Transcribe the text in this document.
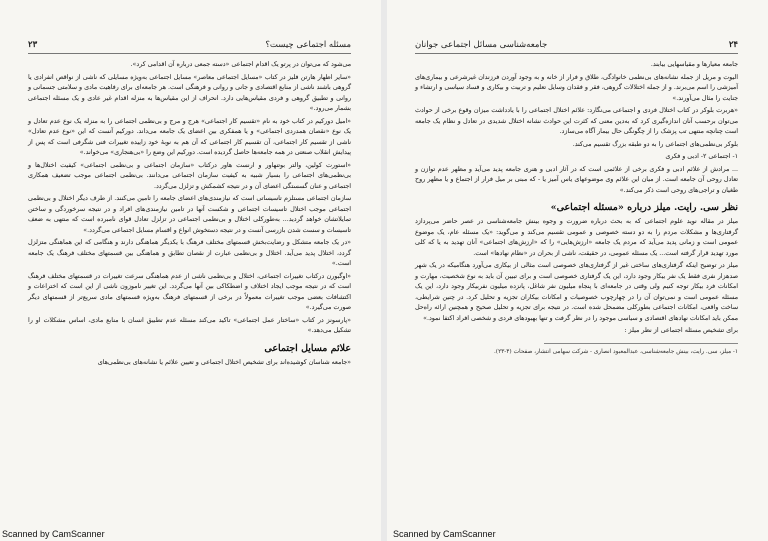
مسئله اجتماعی چیست؟
۲۳

می‌شود که می‌توان در پرتو یک اقدام اجتماعی «دسته جمعی درباره آن اقدامی کرد».

«سایر اظهار هارتن فلیز در کتاب «مسایل اجتماعی معاصر» مسایل اجتماعی به‌ویژه مسایلی که ناشی از نواقص انفرادی یا گروهی باشند ناشی از منابع اقتصادی و جانی و روانی و فرهنگی است. هر جامعه‌ای برای رفاهیت مادی و سلامتی جسمانی و روانی و تطبیق گروهی و فردی مقیاس‌هایی دارد. انحراف از این مقیاس‌ها به منزله اقدام غیر عادی و یک مسئله اجتماعی بشمار می‌رود.»

«امیل دورکیم در کتاب خود به نام «تقسیم کار اجتماعی» هرج و مرج و بی‌نظمی اجتماعی را به منزله یک نوع عدم تعادل و یک نوع «نقصان همدردی اجتماعی» و یا همفکری بین اعضای یک جامعه می‌داند. دورکیم آنست که این «نوع عدم تعادل» ناشی از تقسیم کار اجتماعی، آن تقسیم کار اجتماعی که آن هم به نوبهٔ خود زاییده تغییرات فنی شگرفی است که پس از پیدایش انقلاب صنعتی در همه جامعه‌ها حاصل گردیده است. دورکیم این وضع را «بی‌هنجاری» می‌خواند.»

«استورت کولین، والتر بوتنهاور و ارنست هاور درکتاب «سازمان اجتماعی و بی‌نظمی اجتماعی» کیفیت اختلال‌ها و بی‌نظمی‌های اجتماعی را بسیار شبیه به کیفیت سازمان اجتماعی می‌دانند. بی‌نظمی اجتماعی موجب تضعیف همکاری اجتماعی و عنان گسستگی اعضای آن و در نتیجه کشمکش و تزلزل می‌گردد.

سازمان اجتماعی مستلزم تاسیساتی است که نیازمندی‌های اعضای جامعه را تامین می‌کنند. از طرف دیگر اختلال و بی‌نظمی اجتماعی موجب اختلال تاسیسات اجتماعی و شکست آنها در تامین نیازمندی‌های افراد و در نتیجه سرخوردگی و ساختن تمایلاتشان خواهد گردید... به‌طورکلی اختلال و بی‌نظمی اجتماعی در تزلزل تعادل قوای نامبرده است که منتهی به ضعف تاسیسات و سست شدن بازرسی آنست و در نتیجه دستخوش انواع و اقسام مسایل اجتماعی می‌گردد.»

«در یک جامعه متشکل و رضایت‌بخش قسمتهای مختلف فرهنگ با یکدیگر هماهنگی دارند و هنگامی که این هماهنگی متزلزل گردد، اختلال پدید می‌آید. اختلال و بی‌نظمی عبارت از نقصان تطابق و هماهنگی بین قسمتهای مختلف فرهنگ یک جامعه است.»

«اوگبورن درکتاب تغییرات اجتماعی، اختلال و بی‌نظمی ناشی از عدم هماهنگی سرعت تغییرات در قسمتهای مختلف فرهنگ است که در نتیجه موجب ایجاد اختلاف و اضطکاکی بین آنها می‌گردد. این تغییر ناموزون ناشی از این است که اختراعات و اکتشافات بعضی موجب تغییرات معمولاً در برخی از قسمتهای فرهنگ به‌ویژه قسمتهای مادی سریع‌تر از قسمتهای دیگر صورت می‌گیرد.»

«پارسونز در کتاب «ساختار عمل اجتماعی» تاکید می‌کند مسئله عدم تطبیق انسان با منابع مادی، اساس مشکلات او را تشکیل می‌دهد.»

علائم مسایل اجتماعی

«جامعه شناسان کوشیده‌اند برای تشخیص اختلال اجتماعی و تعیین علائم یا نشانه‌های بی‌نظمی‌های

۲۴
جامعه‌شناسی مسائل اجتماعی جوانان

جامعه معیارها و مقیاسهایی بیابند.

الیوت و مریل از جمله نشانه‌های بی‌نظمی خانوادگی، طلاق و فرار از خانه و به وجود آوردن فرزندان غیرشرعی و بیماری‌های آمیزشی را اسم می‌برند. و از جمله اختلالات گروهی، فقر و فقدان وسایل تعلیم و تربیت و بیکاری و فساد سیاسی و ارتشاء و جنایت را مثال می‌آورند.»

«هربرت بلوکر در کتاب اختلال فردی و اجتماعی می‌نگارد: علائم اختلال اجتماعی را با یادداشت میزان وقوع برخی از حوادث می‌توان برحسب آنان اندازه‌گیری کرد که به‌دین معنی که کثرت این حوادث نشانه اختلال شدیدی در تعادل و نظام یک جامعه است چنانچه منتهی تب پزشک را از چگونگی حال بیمار آگاه می‌سازد.

بلوکر بی‌نظمی‌های اجتماعی را به دو طبقه بزرگ تقسیم می‌کند.

۱- اجتماعی ۲- ادبی و فکری

... مرادش از علائم ادبی و فکری برخی از علائمی است که در آثار ادبی و هنری جامعه پدید می‌آید و مظهر عدم توازن و تعادل روحی آن جامعه است. از میان این علائم وی موضوعهای یاس آمیز یا - که مبنی بر میل فرار از اجتماع و یا مظهر روح طغیان و تراجی‌های روحی است ذکر می‌کند.»

نظر سی. رایت. میلز درباره «مسئله اجتماعی»

میلز در مقاله نوید علوم اجتماعی که به بحث درباره ضرورت و وجوه بینش جامعه‌شناسی در عصر حاضر می‌پردازد گرفتاری‌ها و مشکلات مردم را به دو دسته خصوصی و عمومی تقسیم می‌کند و می‌گوید: «یک مسئله عام، یک موضوع عمومی است و زمانی پدید می‌آید که مردم یک جامعه «ارزش‌هایی» را که «ارزش‌های اجتماعی» آنان تهدید به یا که کلی مورد تهدید قرار گرفته است... یک مسئله عمومی، در حقیقت، ناشی از بحران در «نظام نهادها» است.

میلز در توضیح اینکه گرفتاری‌های ساختی غیر از گرفتاری‌های خصوصی است مثالی از بیکاری می‌آورد هنگامیکه در یک شهر صدهزار نفری فقط یک نفر بیکار وجود دارد، این یک گرفتاری خصوصی است و برای تبیین آن باید به نوع شخصیت، مهارت و امکانات فرد بیکار توجه کنیم ولی وقتی در جامعه‌ای با پنجاه میلیون نفر شاغل، پانزده میلیون نفربیکار وجود دارد، این یک مسئله عمومی است و نمی‌توان آن را در چهارچوب خصوصیات و امکانات بیکاران تجزیه و تحلیل کرد. در چنین شرایطی، ساخت واقعی، امکانات اجتماعی بطورکلی مضمحل شده است. در نتیجه برای تجزیه و تحلیل صحیح و همچنین ارائه راه‌حل ممکن باید امکانات نهادهای اقتصادی و سیاسی موجود را در نظر گرفت و تنها بهبودهای فردی و شخصی افراد اکتفا نمود.»

برای تشخیص مسئله اجتماعی از نظر میلز :

۱- میلز، سی. رایت، بینش جامعه‌شناسی، عبدالمعبود انصاری - شرکت سهامی انتشار، صفحات (۴-۲۳).
Scanned by CamScanner	Scanned by CamScanner
